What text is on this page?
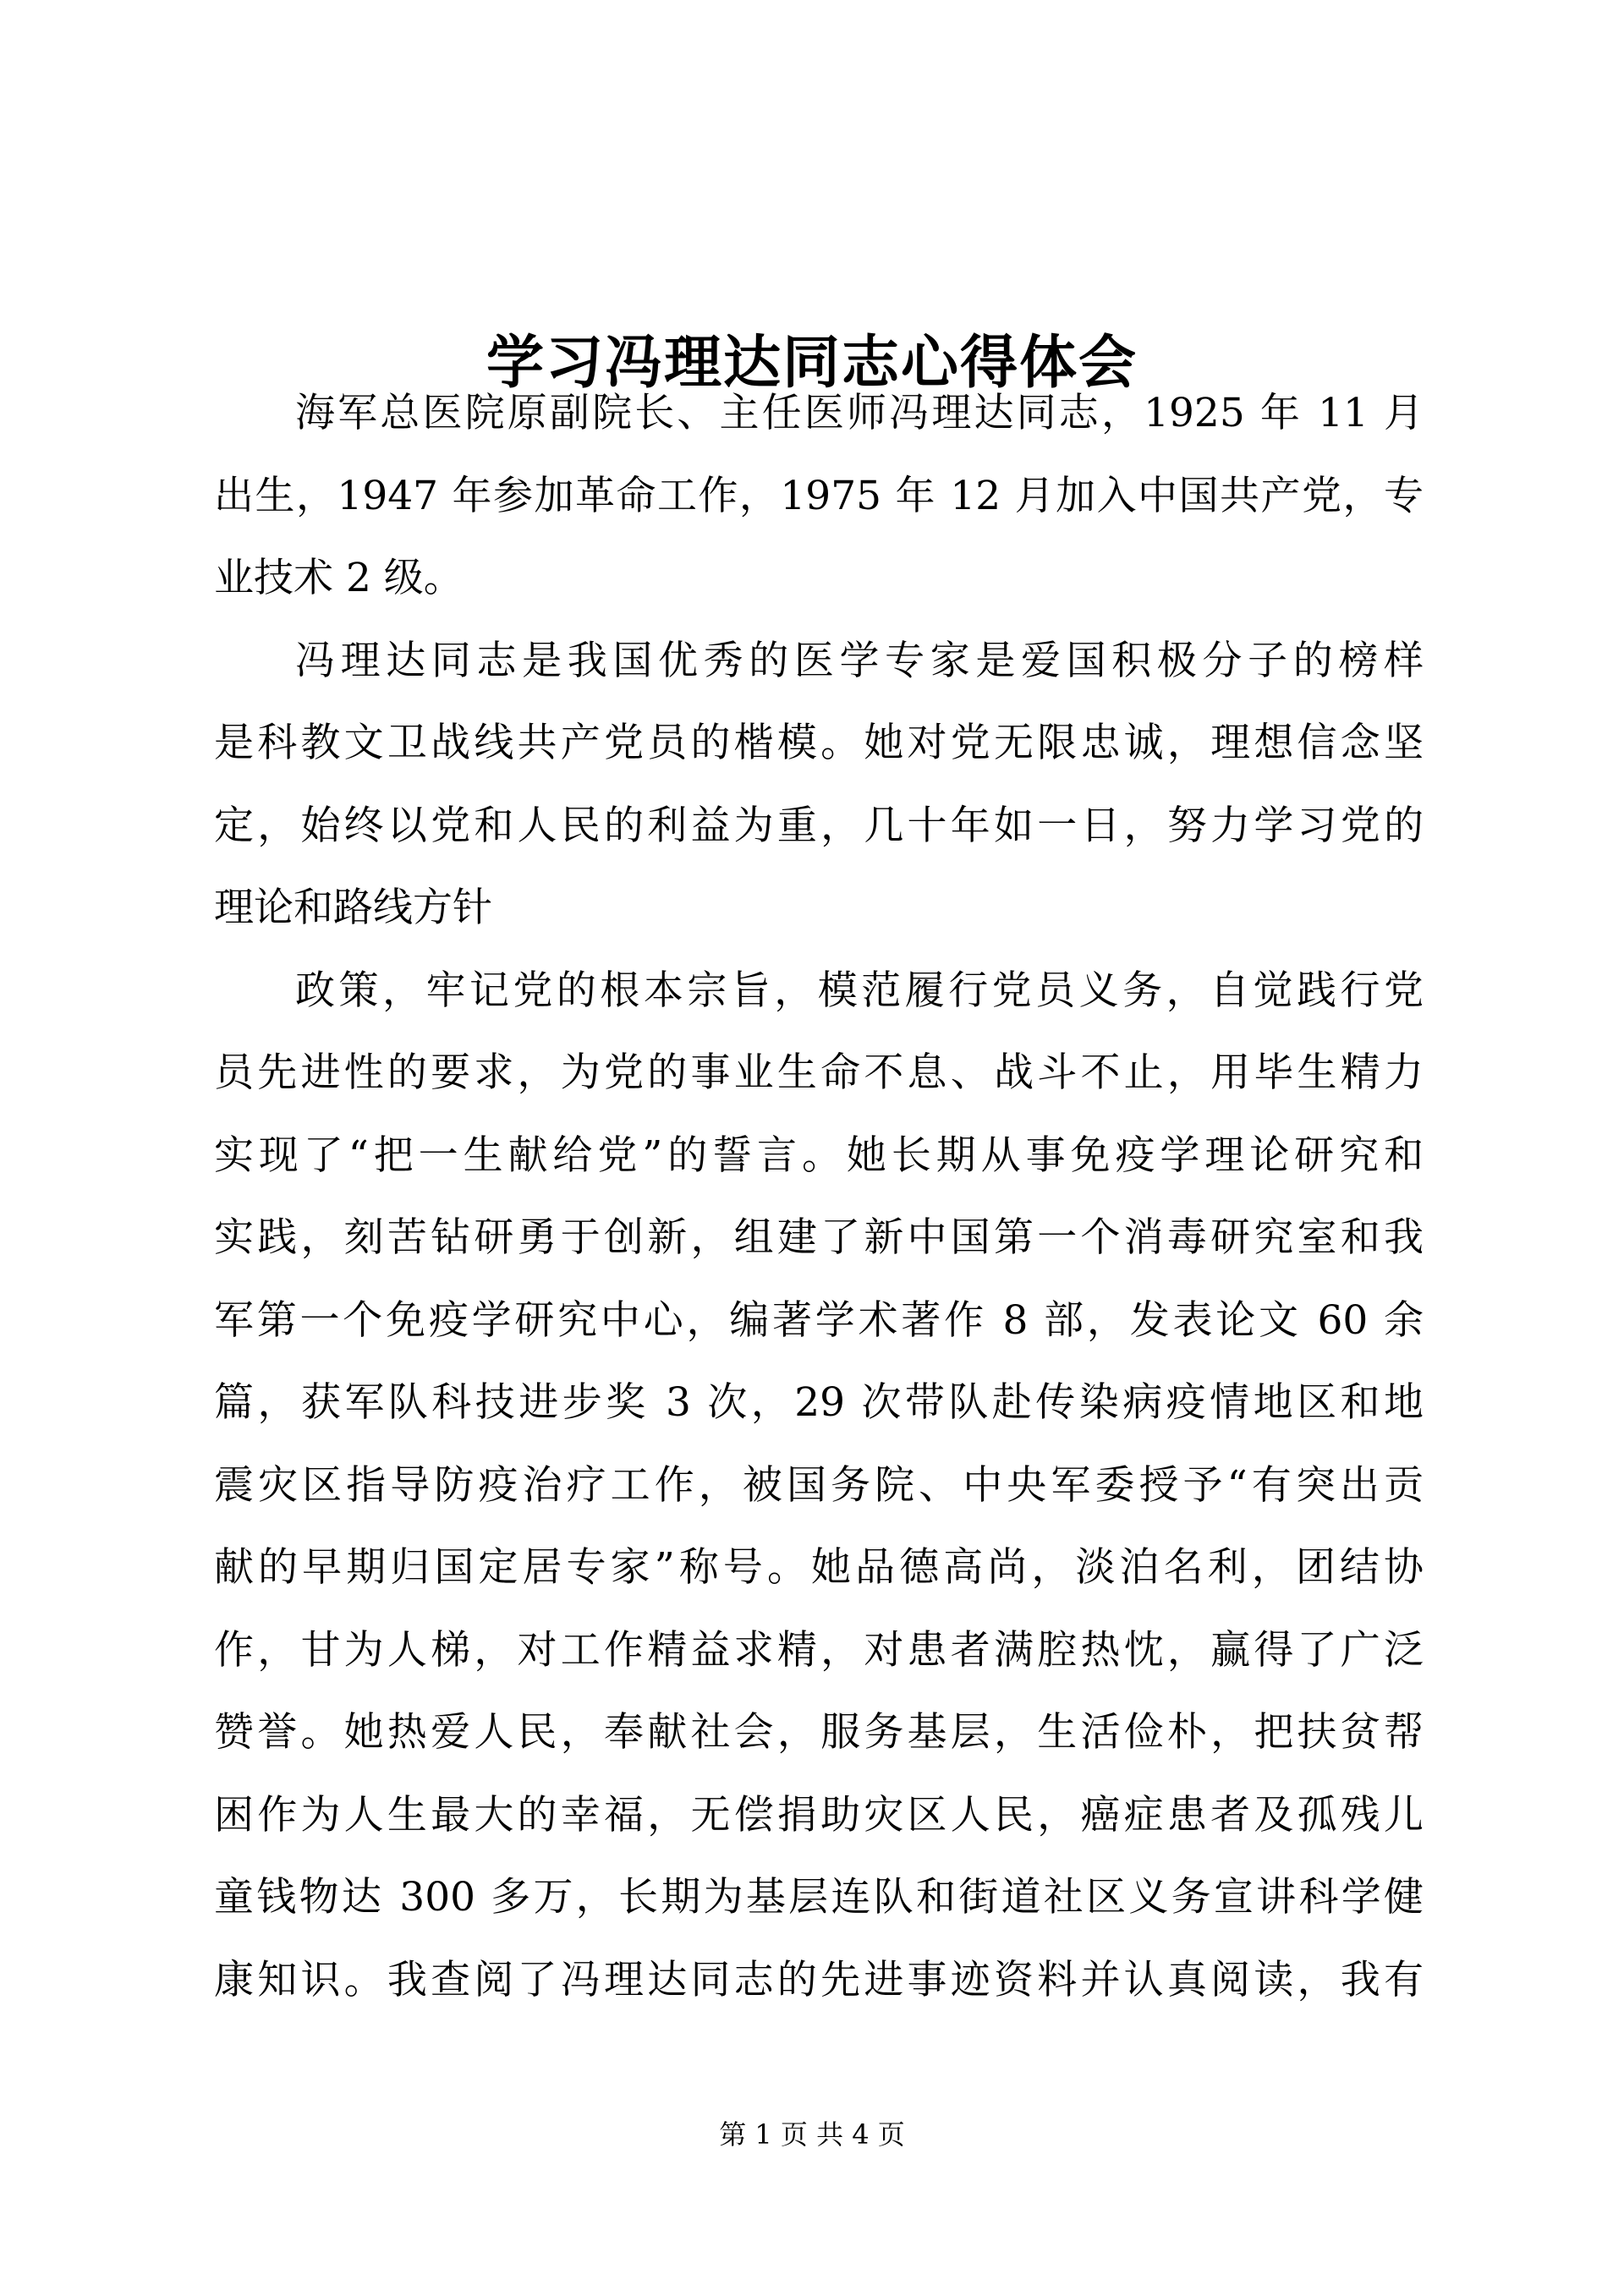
学习冯理达同志心得体会

海军总医院原副院长、主任医师冯理达同志，1925 年 11 月
出生，1947 年参加革命工作，1975 年 12 月加入中国共产党，专
业技术 2 级。

冯理达同志是我国优秀的医学专家是爱国积极分子的榜样
是科教文卫战线共产党员的楷模。她对党无限忠诚，理想信念坚
定，始终以党和人民的利益为重，几十年如一日，努力学习党的
理论和路线方针

政策，牢记党的根本宗旨，模范履行党员义务，自觉践行党
员先进性的要求，为党的事业生命不息、战斗不止，用毕生精力
实现了“把一生献给党”的誓言。她长期从事免疫学理论研究和
实践，刻苦钻研勇于创新，组建了新中国第一个消毒研究室和我
军第一个免疫学研究中心，编著学术著作 8 部，发表论文 60 余
篇，获军队科技进步奖 3 次，29 次带队赴传染病疫情地区和地
震灾区指导防疫治疗工作，被国务院、中央军委授予“有突出贡
献的早期归国定居专家”称号。她品德高尚，淡泊名利，团结协
作，甘为人梯，对工作精益求精，对患者满腔热忱，赢得了广泛
赞誉。她热爱人民，奉献社会，服务基层，生活俭朴，把扶贫帮
困作为人生最大的幸福，无偿捐助灾区人民，癌症患者及孤残儿
童钱物达 300 多万，长期为基层连队和街道社区义务宣讲科学健
康知识。我查阅了冯理达同志的先进事迹资料并认真阅读，我有

第 1 页 共 4 页
